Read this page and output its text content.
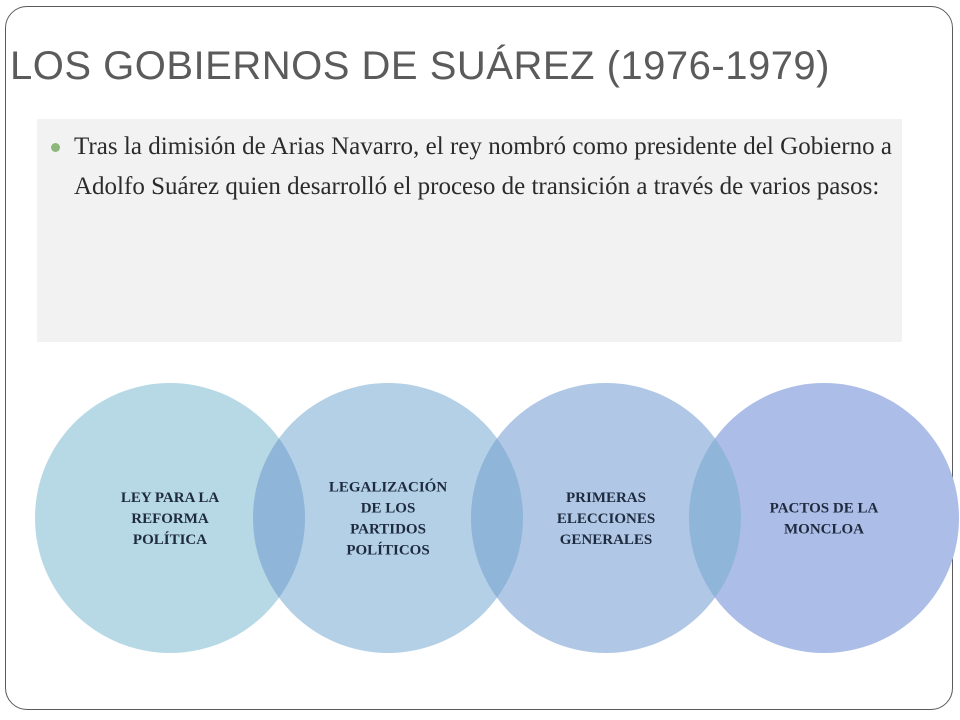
LOS GOBIERNOS DE SUÁREZ (1976-1979)
Tras la dimisión de Arias Navarro, el rey nombró como presidente del Gobierno a Adolfo Suárez quien desarrolló el proceso de transición a través de varios pasos:
LEY PARA LA REFORMA POLÍTICA
LEGALIZACIÓN DE LOS PARTIDOS POLÍTICOS
PRIMERAS ELECCIONES GENERALES
PACTOS DE LA MONCLOA
